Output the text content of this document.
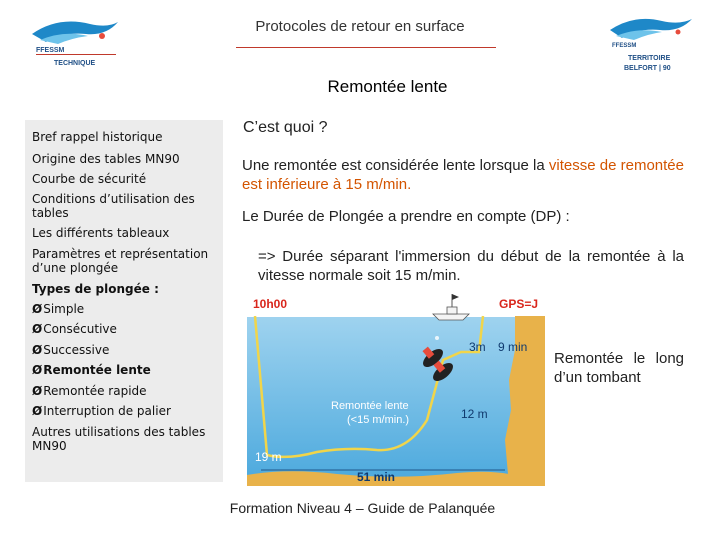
FFESSM
TECHNIQUE
FFESSM
TERRITOIRE
BELFORT | 90
Protocoles de retour en surface
Remontée lente
Bref rappel historique
Origine des tables MN90
Courbe de sécurité
Conditions d’utilisation des tables
Les différents tableaux
Paramètres et représentation d’une plongée
Types de plongée :
ØSimple
ØConsécutive
ØSuccessive
ØRemontée lente
ØRemontée rapide
ØInterruption de palier
Autres utilisations des tables MN90
C’est quoi ?
Une remontée est considérée lente lorsque la vitesse de remontée est inférieure à 15 m/min.
Le Durée de Plongée a prendre en compte (DP) :
=> Durée séparant l'immersion du début de la remontée à la vitesse normale soit 15 m/min.
Remontée le long d’un tombant
10h00	GPS=J
3m 9 min
Remontée lente
(<15 m/min.)	12 m
19 m
51 min
Formation Niveau 4 – Guide de Palanquée
